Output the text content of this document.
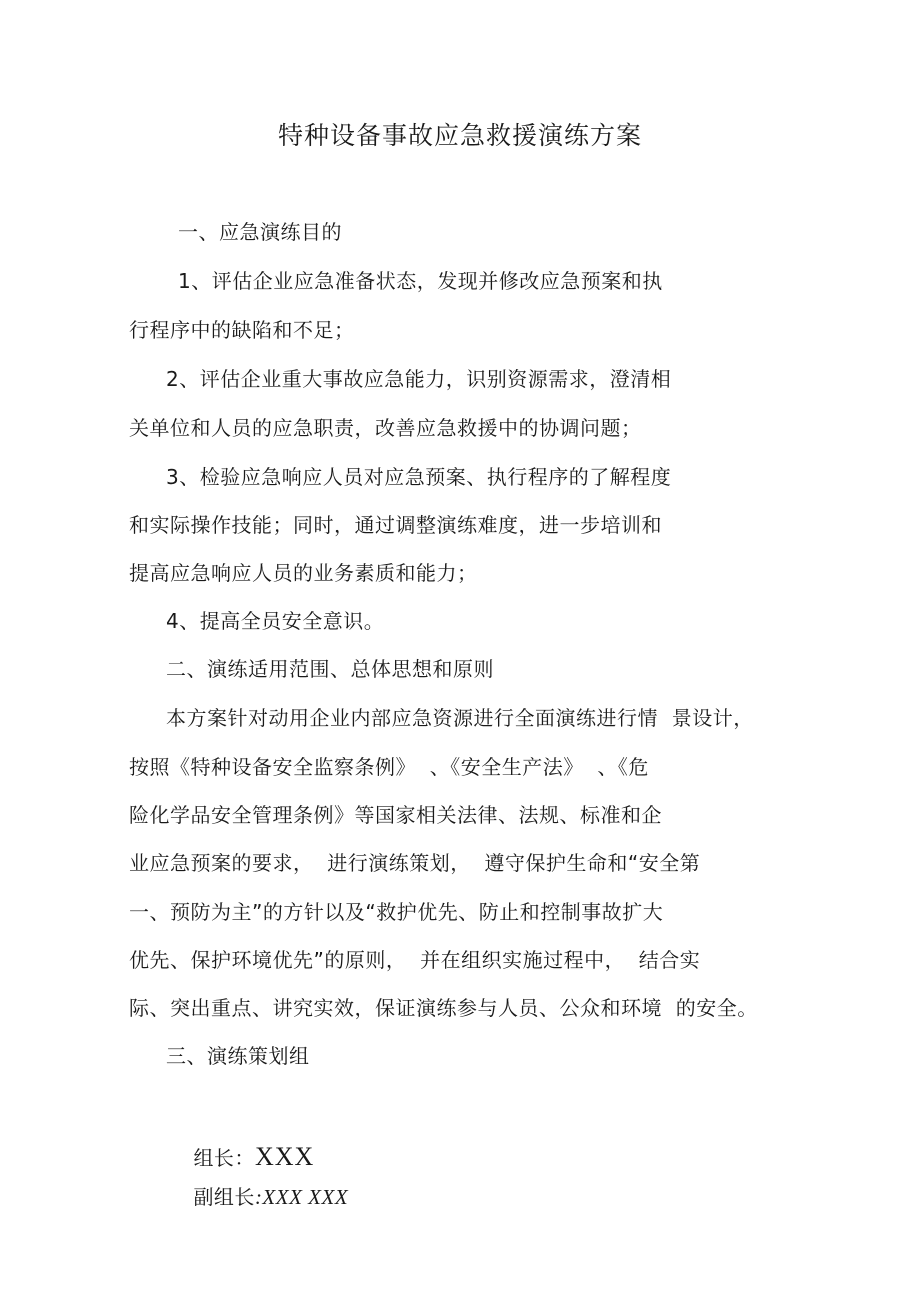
特种设备事故应急救援演练方案
一、应急演练目的
1、评估企业应急准备状态，发现并修改应急预案和执
行程序中的缺陷和不足；
2、评估企业重大事故应急能力，识别资源需求，澄清相
关单位和人员的应急职责，改善应急救援中的协调问题；
3、检验应急响应人员对应急预案、执行程序的了解程度
和实际操作技能；同时，通过调整演练难度，进一步培训和
提高应急响应人员的业务素质和能力；
4、提高全员安全意识。
二、演练适用范围、总体思想和原则
本方案针对动用企业内部应急资源进行全面演练进行情  景设计，
按照《特种设备安全监察条例》  、《安全生产法》  、《危
险化学品安全管理条例》等国家相关法律、法规、标准和企
业应急预案的要求，  进行演练策划，  遵守保护生命和“安全第
一、预防为主”的方针以及“救护优先、防止和控制事故扩大
优先、保护环境优先”的原则，  并在组织实施过程中，  结合实
际、突出重点、讲究实效，保证演练参与人员、公众和环境  的安全。
三、演练策划组

组长：XXX

副组长:XXX XXX
